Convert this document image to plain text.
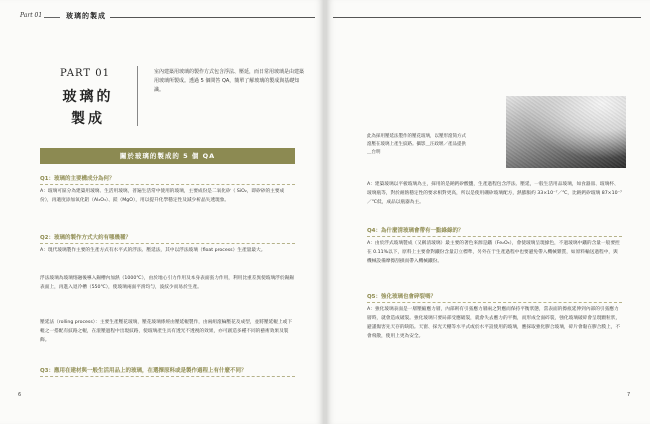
Part 01	玻璃的製成
PART 01
玻璃的製成
室內建築用玻璃的製作方式包含浮法、壓延，而日常用玻璃是由建築用玻璃所製成。透過 5 個問答 QA，簡單了解玻璃的製成與基礎知識。
關於玻璃的製成的 5 個 QA
Q1：玻璃的主要構成分為何？
A：玻璃可區分為建築用玻璃、生活用玻璃，普遍生活常中使用的玻璃，主要成份是二氧化矽（ SiO₂，即矽砂的主要成份），再適度添加氧化鋁（Al₂O₃）、鎂（MgO），用以提升化學穩定性及減少析晶失透現象。
Q2：玻璃的製作方式大約有哪幾種？
A：現代玻璃製作主要的生產方式有水平式的浮法、壓延法，其中以浮法玻璃（float process）生產量最大。
浮法玻璃為玻璃熔融後導入錫槽內加熱（1000℃），由於地心引力作用及本身表面張力作用，利用比重差異使玻璃浮於錫錫表面上，再進入退冷槽（550℃），使玻璃兩面平滑均勻，波紋少而易於生產。
壓延法（rolling process）：主要生產壓花玻璃，壓花玻璃係經由壓延輥製作，由兩組滾輪壓花及成型，並將壓延輥上或下輥之一搭配有紋路之輥，在滾壓過程中出現紋路，使玻璃產生具有透光不透視的效果，亦可創造多種不同的藝術效果及裝飾。
Q3：應用在建材與一般生活用品上的玻璃，在選擇原料或是製作過程上有什麼不同？
6
此為採用壓延法製作的壓花玻璃，以壓形滾筒方式滾壓在玻璃上產生紋路。攝影＿汪政堰／產品提供＿台明
A：建築玻璃以平板玻璃為主，採用的是鈉鈣矽酸鹽，生產過程包含浮法、壓延，一般生活用品玻璃，如食器皿、玻璃杯、玻璃瓶等，對於耐熱穩定性的要求相對更高，所以是使用硼矽玻璃配方，熱膨脹約 33×10⁻⁷／℃，比鈉鈣矽玻璃 87×10⁻⁷／℃低，成品以瓶器為主。
Q4：為什麼清玻璃會帶有一點綠綠的？
A：由於浮式玻璃製成（又稱清玻璃）最主要的著色來源是鐵（Fe₂O₃），會使玻璃呈現綠色，不過玻璃中鐵的含量一般要控在 0.11%以下，原料上主要會對鐵份含量訂立標準，另外在于生產過程中也要避免帶入機械雜質，如原料輸送過程中，與機械設備摩擦刮損而帶入機械鐵份。
Q5：強化玻璃也會碎裂嗎？
A：強化玻璃表面是一層壓縮應力層，內部則有引張應力層兩之對應而保持平衡狀態，當表面的擦痕延伸到內部的引張應力層時，就會造成破裂。強化玻璃只要局部受應破裂，就會失去應力的平衡，而形成全面碎裂，強化玻璃破碎會呈現顆粒狀，避謹傷害先天存的缺陷。天窗、採光天棚等水平式或於水平設使用的玻璃，應採取強化膠合玻璃，碎片會黏在膠合膜上，不會飛散，使用上更為安全。
7
